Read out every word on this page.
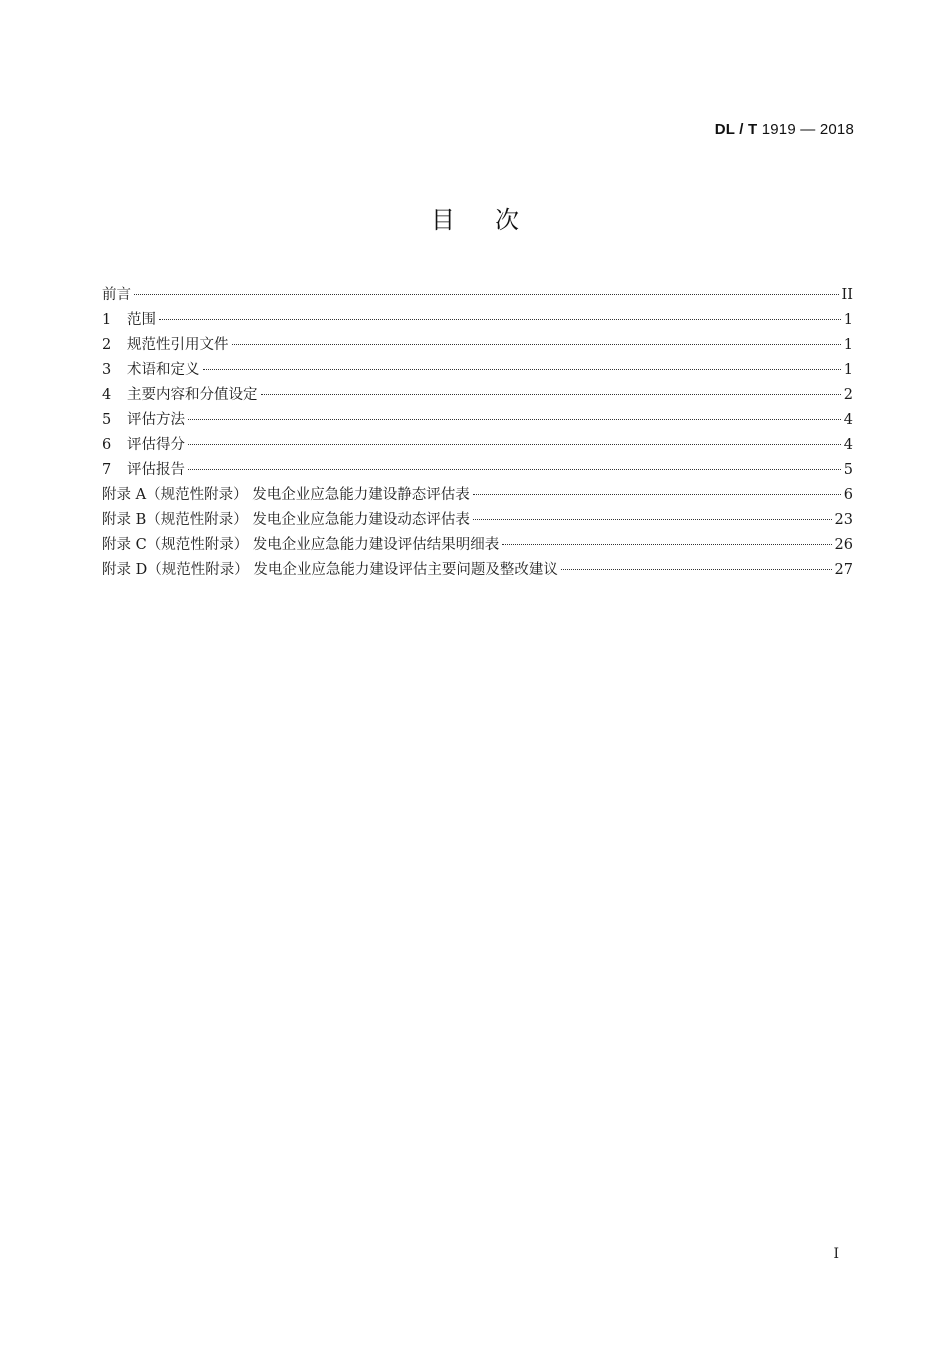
DL / T 1919 — 2018
目次
前言	II
1	范围	1
2	规范性引用文件	1
3	术语和定义	1
4	主要内容和分值设定	2
5	评估方法	4
6	评估得分	4
7	评估报告	5
附录 A（规范性附录） 发电企业应急能力建设静态评估表	6
附录 B（规范性附录） 发电企业应急能力建设动态评估表	23
附录 C（规范性附录） 发电企业应急能力建设评估结果明细表	26
附录 D（规范性附录） 发电企业应急能力建设评估主要问题及整改建议	27
I
